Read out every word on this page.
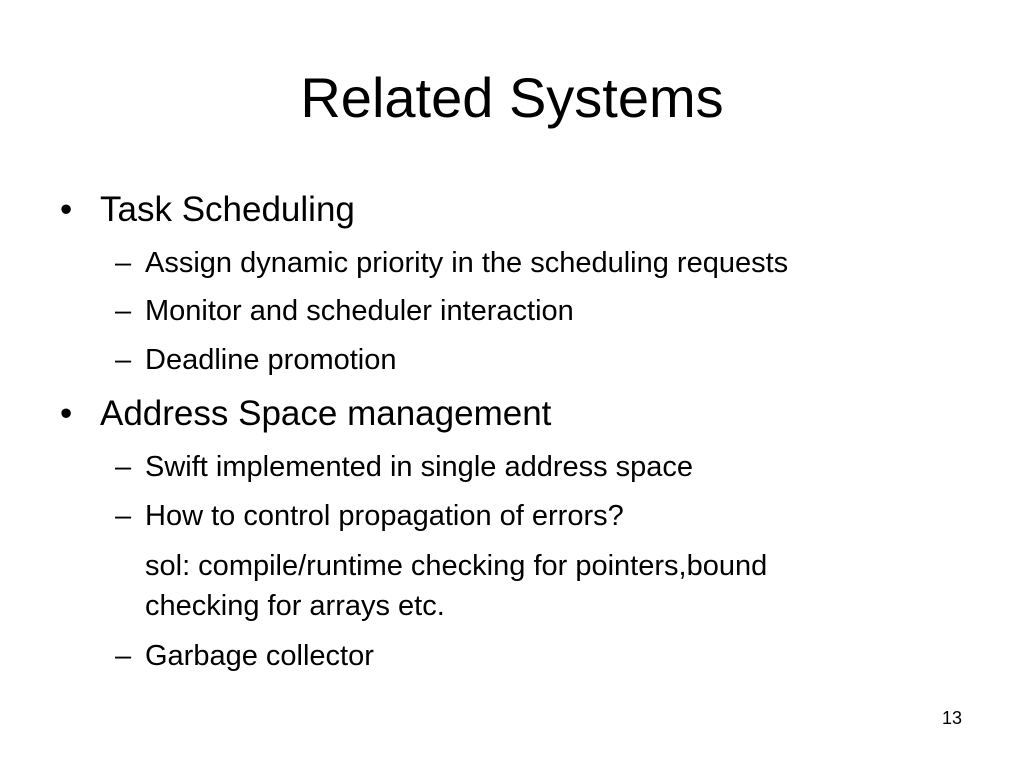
Related Systems
• Task Scheduling
– Assign dynamic priority in the scheduling requests
– Monitor and scheduler interaction
– Deadline promotion
• Address Space management
– Swift implemented in single address space
– How to control propagation of errors?
sol: compile/runtime checking for pointers,bound
checking for arrays etc.
– Garbage collector
13
